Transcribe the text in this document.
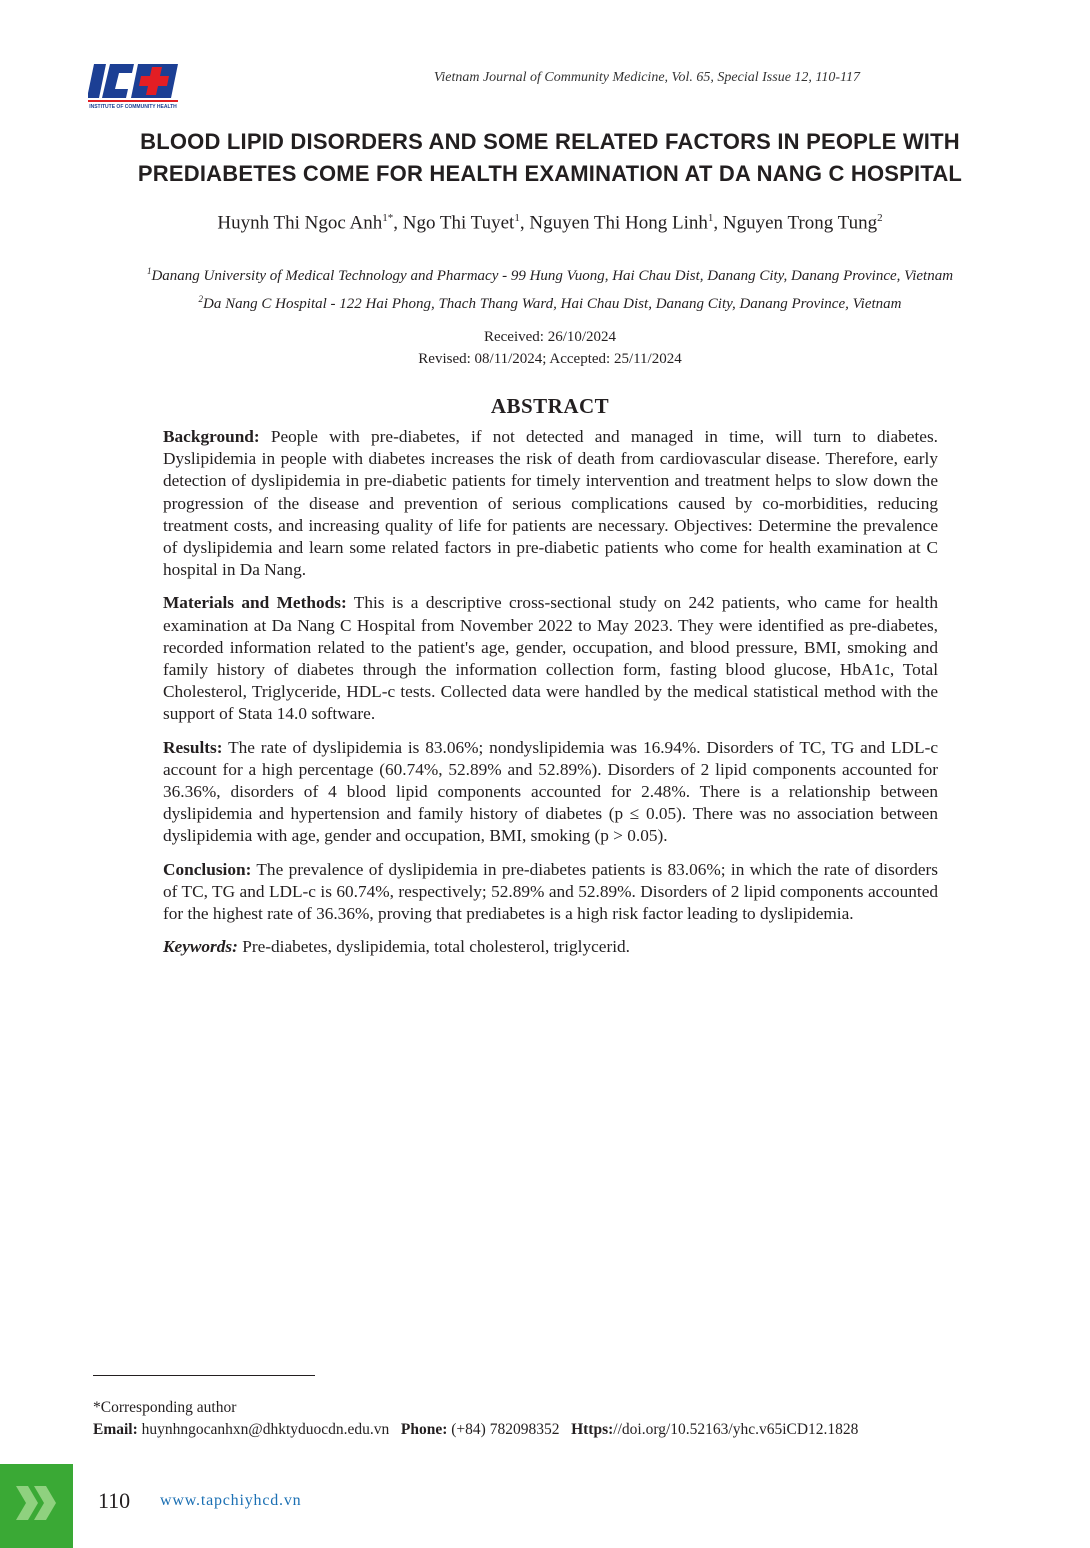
INSTITUTE OF COMMUNITY HEALTH
Vietnam Journal of Community Medicine, Vol. 65, Special Issue 12, 110-117
BLOOD LIPID DISORDERS AND SOME RELATED FACTORS IN PEOPLE WITH
PREDIABETES COME FOR HEALTH EXAMINATION AT DA NANG C HOSPITAL
Huynh Thi Ngoc Anh$^{1*}$, Ngo Thi Tuyet$^1$, Nguyen Thi Hong Linh$^1$, Nguyen Trong Tung$^2$
$^1$Danang University of Medical Technology and Pharmacy - 99 Hung Vuong, Hai Chau Dist, Danang City, Danang Province, Vietnam
$^2$Da Nang C Hospital - 122 Hai Phong, Thach Thang Ward, Hai Chau Dist, Danang City, Danang Province, Vietnam
Received: 26/10/2024
Revised: 08/11/2024; Accepted: 25/11/2024
ABSTRACT

Background: People with pre-diabetes, if not detected and managed in time, will turn to diabetes. Dyslipidemia in people with diabetes increases the risk of death from cardiovascular disease. Therefore, early detection of dyslipidemia in pre-diabetic patients for timely intervention and treatment helps to slow down the progression of the disease and prevention of serious complications caused by co-morbidities, reducing treatment costs, and increasing quality of life for patients are necessary. Objectives: Determine the prevalence of dyslipidemia and learn some related factors in pre-diabetic patients who come for health examination at C hospital in Da Nang.

Materials and Methods: This is a descriptive cross-sectional study on 242 patients, who came for health examination at Da Nang C Hospital from November 2022 to May 2023. They were identified as pre-diabetes, recorded information related to the patient's age, gender, occupation, and blood pressure, BMI, smoking and family history of diabetes through the information collection form, fasting blood glucose, HbA1c, Total Cholesterol, Triglyceride, HDL-c tests. Collected data were handled by the medical statistical method with the support of Stata 14.0 software.

Results: The rate of dyslipidemia is 83.06%; nondyslipidemia was 16.94%. Disorders of TC, TG and LDL-c account for a high percentage (60.74%, 52.89% and 52.89%). Disorders of 2 lipid components accounted for 36.36%, disorders of 4 blood lipid components accounted for 2.48%. There is a relationship between dyslipidemia and hypertension and family history of diabetes (p ≤ 0.05). There was no association between dyslipidemia with age, gender and occupation, BMI, smoking (p > 0.05).

Conclusion: The prevalence of dyslipidemia in pre-diabetes patients is 83.06%; in which the rate of disorders of TC, TG and LDL-c is 60.74%, respectively; 52.89% and 52.89%. Disorders of 2 lipid components accounted for the highest rate of 36.36%, proving that prediabetes is a high risk factor leading to dyslipidemia.

Keywords: Pre-diabetes, dyslipidemia, total cholesterol, triglycerid.

*Corresponding author
Email: huynhngocanhxn@dhktyduocdn.edu.vn Phone: (+84) 782098352 Https://doi.org/10.52163/yhc.v65iCD12.1828
110 www.tapchiyhcd.vn
